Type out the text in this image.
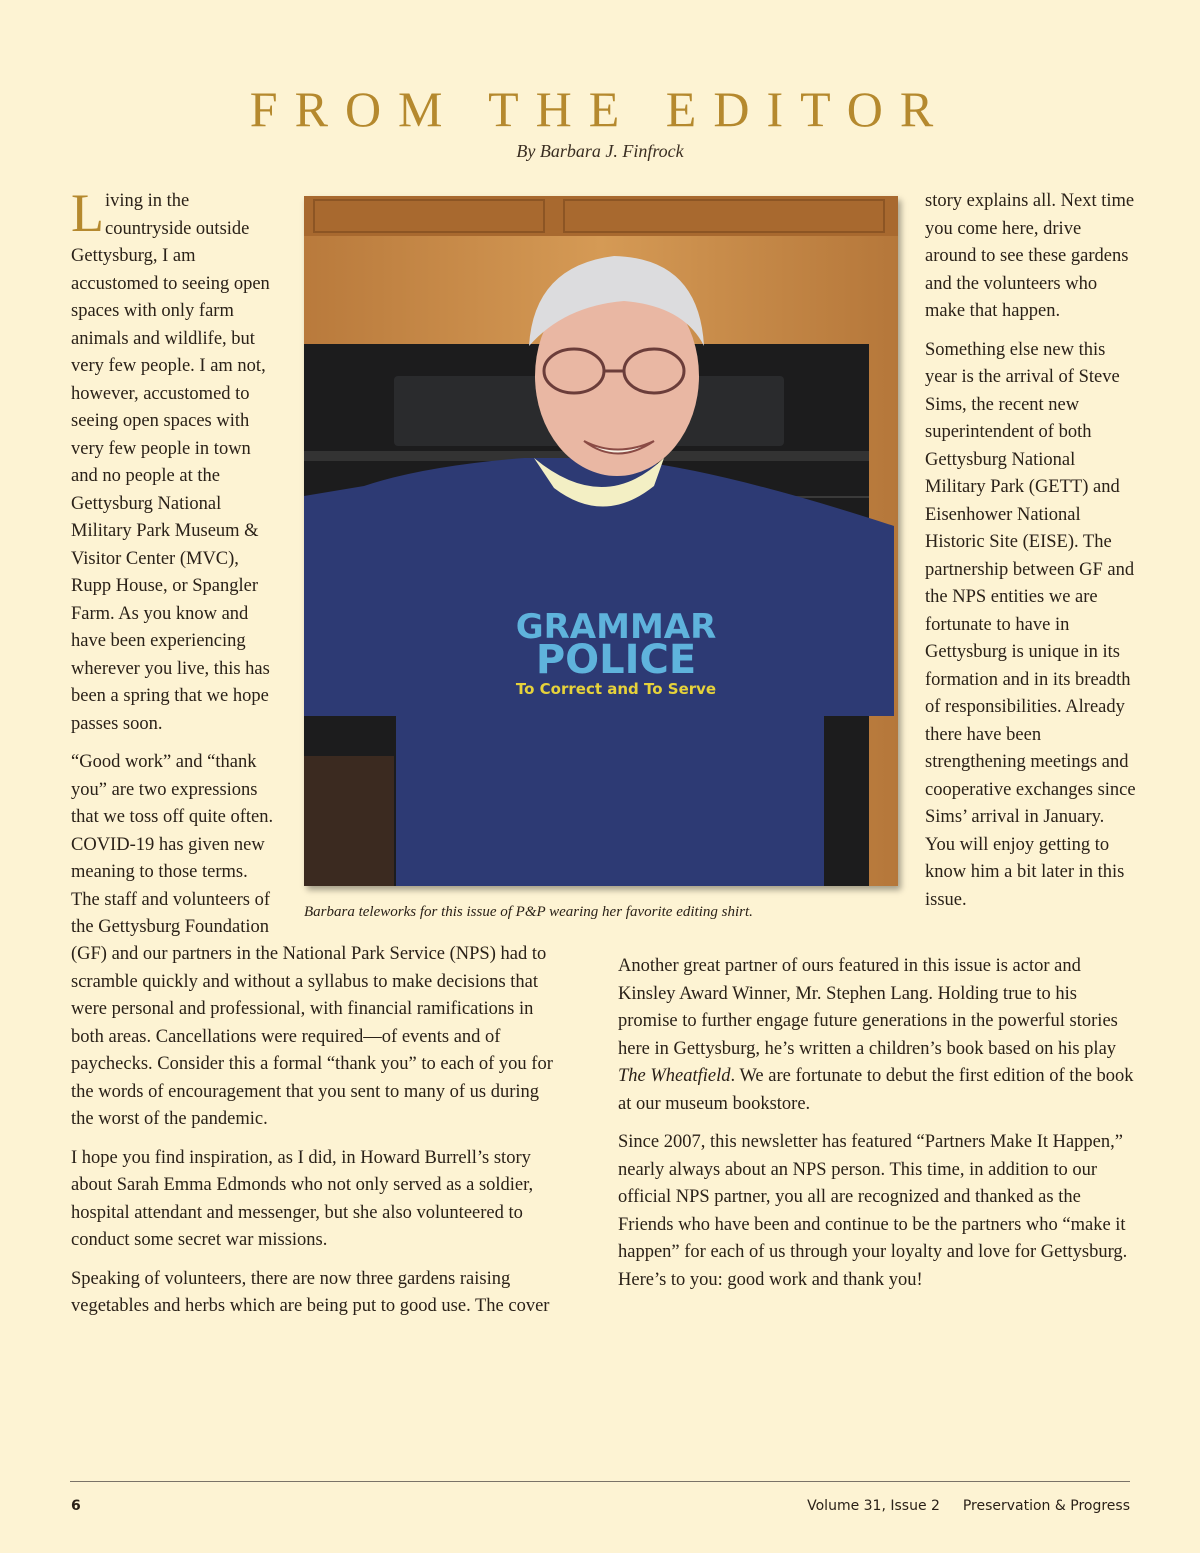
FROM THE EDITOR
By Barbara J. Finfrock

Living in the countryside outside Gettysburg, I am accustomed to seeing open spaces with only farm animals and wildlife, but very few people. I am not, however, accustomed to seeing open spaces with very few people in town and no people at the Gettysburg National Military Park Museum & Visitor Center (MVC), Rupp House, or Spangler Farm. As you know and have been experiencing wherever you live, this has been a spring that we hope passes soon.

“Good work” and “thank you” are two expressions that we toss off quite often. COVID-19 has given new meaning to those terms. The staff and volunteers of the Gettysburg Foundation

GRAMMAR
POLICE
To Correct and To Serve
Barbara teleworks for this issue of P&P wearing her favorite editing shirt.

story explains all. Next time you come here, drive around to see these gardens and the volunteers who make that happen.

Something else new this year is the arrival of Steve Sims, the recent new superintendent of both Gettysburg National Military Park (GETT) and Eisenhower National Historic Site (EISE). The partnership between GF and the NPS entities we are fortunate to have in Gettysburg is unique in its formation and in its breadth of responsibilities. Already there have been strengthening meetings and cooperative exchanges since Sims’ arrival in January. You will enjoy getting to know him a bit later in this issue.

(GF) and our partners in the National Park Service (NPS) had to scramble quickly and without a syllabus to make decisions that were personal and professional, with financial ramifications in both areas. Cancellations were required—of events and of paychecks. Consider this a formal “thank you” to each of you for the words of encouragement that you sent to many of us during the worst of the pandemic.

I hope you find inspiration, as I did, in Howard Burrell’s story about Sarah Emma Edmonds who not only served as a soldier, hospital attendant and messenger, but she also volunteered to conduct some secret war missions.

Speaking of volunteers, there are now three gardens raising vegetables and herbs which are being put to good use. The cover

Another great partner of ours featured in this issue is actor and Kinsley Award Winner, Mr. Stephen Lang. Holding true to his promise to further engage future generations in the powerful stories here in Gettysburg, he’s written a children’s book based on his play The Wheatfield. We are fortunate to debut the first edition of the book at our museum bookstore.

Since 2007, this newsletter has featured “Partners Make It Happen,” nearly always about an NPS person. This time, in addition to our official NPS partner, you all are recognized and thanked as the Friends who have been and continue to be the partners who “make it happen” for each of us through your loyalty and love for Gettysburg. Here’s to you: good work and thank you!

6	Volume 31, Issue 2 Preservation & Progress
